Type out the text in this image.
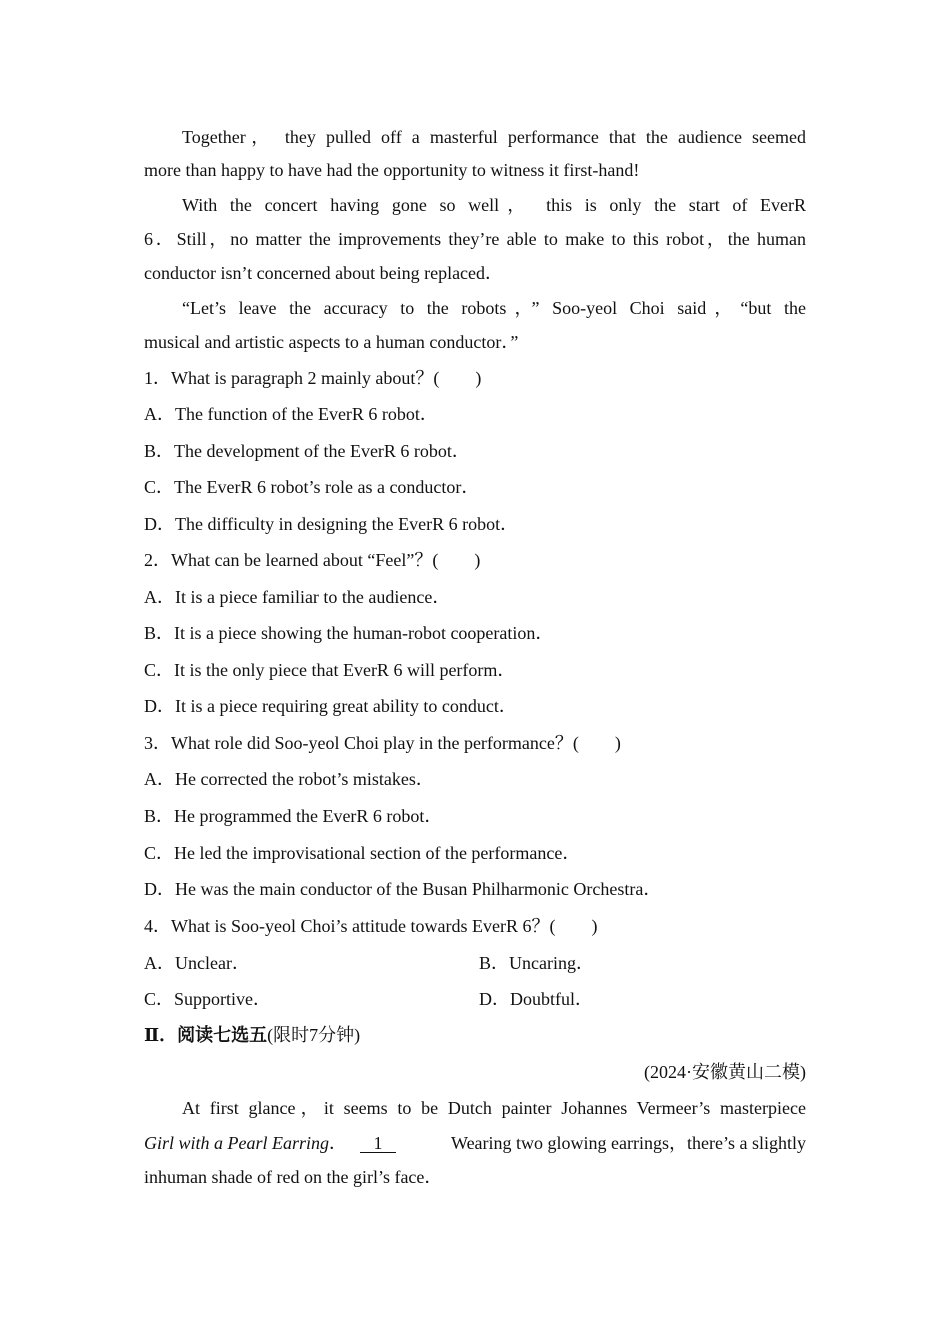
Together， they pulled off a masterful performance that the audience seemed
more than happy to have had the opportunity to witness it first-hand!
With the concert having gone so well， this is only the start of EverR
6．Still，no matter the improvements they’re able to make to this robot，the human
conductor isn’t concerned about being replaced．
“Let’s leave the accuracy to the robots，” Soo-yeol Choi said，“but the
musical and artistic aspects to a human conductor．”
1．What is paragraph 2 mainly about？(　　)
A．The function of the EverR 6 robot．
B．The development of the EverR 6 robot．
C．The EverR 6 robot’s role as a conductor．
D．The difficulty in designing the EverR 6 robot．
2．What can be learned about “Feel”？(　　)
A．It is a piece familiar to the audience．
B．It is a piece showing the human-robot cooperation．
C．It is the only piece that EverR 6 will perform．
D．It is a piece requiring great ability to conduct．
3．What role did Soo-yeol Choi play in the performance？(　　)
A．He corrected the robot’s mistakes．
B．He programmed the EverR 6 robot．
C．He led the improvisational section of the performance．
D．He was the main conductor of the Busan Philharmonic Orchestra．
4．What is Soo-yeol Choi’s attitude towards EverR 6？(　　)
A．Unclear．	B．Uncaring．
C．Supportive．	D．Doubtful．
Ⅱ．阅读七选五(限时7分钟)
(2024·安徽黄山二模)
At first glance，it seems to be Dutch painter Johannes Vermeer’s masterpiece
Girl with a Pearl Earring． 1	Wearing two glowing earrings，there’s a slightly
inhuman shade of red on the girl’s face．
